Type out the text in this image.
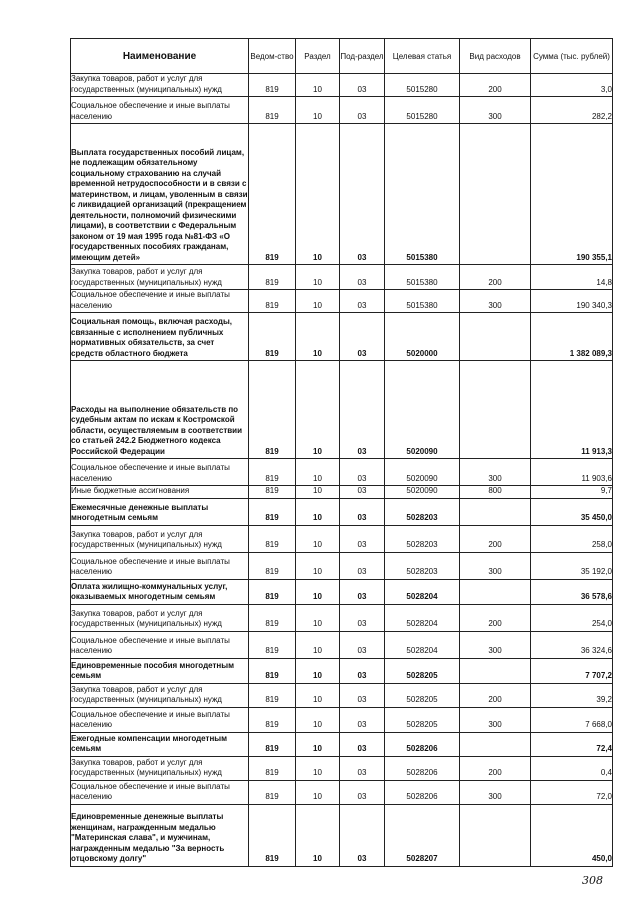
Наименование	Ведом-ство	Раздел	Под-раздел	Целевая статья	Вид расходов	Сумма (тыс. рублей)
Закупка товаров, работ и услуг для государственных (муниципальных) нужд	819	10	03	5015280	200	3,0
Социальное обеспечение и иные выплаты населению	819	10	03	5015280	300	282,2
Выплата государственных пособий лицам, не подлежащим обязательному социальному страхованию на случай временной нетрудоспособности и в связи с материнством, и лицам, уволенным в связи с ликвидацией организаций (прекращением деятельности, полномочий физическими лицами), в соответствии с Федеральным законом от 19 мая 1995 года №81-ФЗ «О государственных пособиях гражданам, имеющим детей»	819	10	03	5015380		190 355,1
Закупка товаров, работ и услуг для государственных (муниципальных) нужд	819	10	03	5015380	200	14,8
Социальное обеспечение и иные выплаты населению	819	10	03	5015380	300	190 340,3
Социальная помощь, включая расходы, связанные с исполнением публичных нормативных обязательств, за счет средств областного бюджета	819	10	03	5020000		1 382 089,3
Расходы на выполнение обязательств по судебным актам по искам к Костромской области, осуществляемым в соответствии со статьей 242.2 Бюджетного кодекса Российской Федерации	819	10	03	5020090		11 913,3
Социальное обеспечение и иные выплаты населению	819	10	03	5020090	300	11 903,6
Иные бюджетные ассигнования	819	10	03	5020090	800	9,7
Ежемесячные денежные выплаты многодетным семьям	819	10	03	5028203		35 450,0
Закупка товаров, работ и услуг для государственных (муниципальных) нужд	819	10	03	5028203	200	258,0
Социальное обеспечение и иные выплаты населению	819	10	03	5028203	300	35 192,0
Оплата жилищно-коммунальных услуг, оказываемых многодетным семьям	819	10	03	5028204		36 578,6
Закупка товаров, работ и услуг для государственных (муниципальных) нужд	819	10	03	5028204	200	254,0
Социальное обеспечение и иные выплаты населению	819	10	03	5028204	300	36 324,6
Единовременные пособия многодетным семьям	819	10	03	5028205		7 707,2
Закупка товаров, работ и услуг для государственных (муниципальных) нужд	819	10	03	5028205	200	39,2
Социальное обеспечение и иные выплаты населению	819	10	03	5028205	300	7 668,0
Ежегодные компенсации многодетным семьям	819	10	03	5028206		72,4
Закупка товаров, работ и услуг для государственных (муниципальных) нужд	819	10	03	5028206	200	0,4
Социальное обеспечение и иные выплаты населению	819	10	03	5028206	300	72,0
Единовременные денежные выплаты женщинам, награжденным медалью "Материнская слава", и мужчинам, награжденным медалью "За верность отцовскому долгу"	819	10	03	5028207		450,0
308
